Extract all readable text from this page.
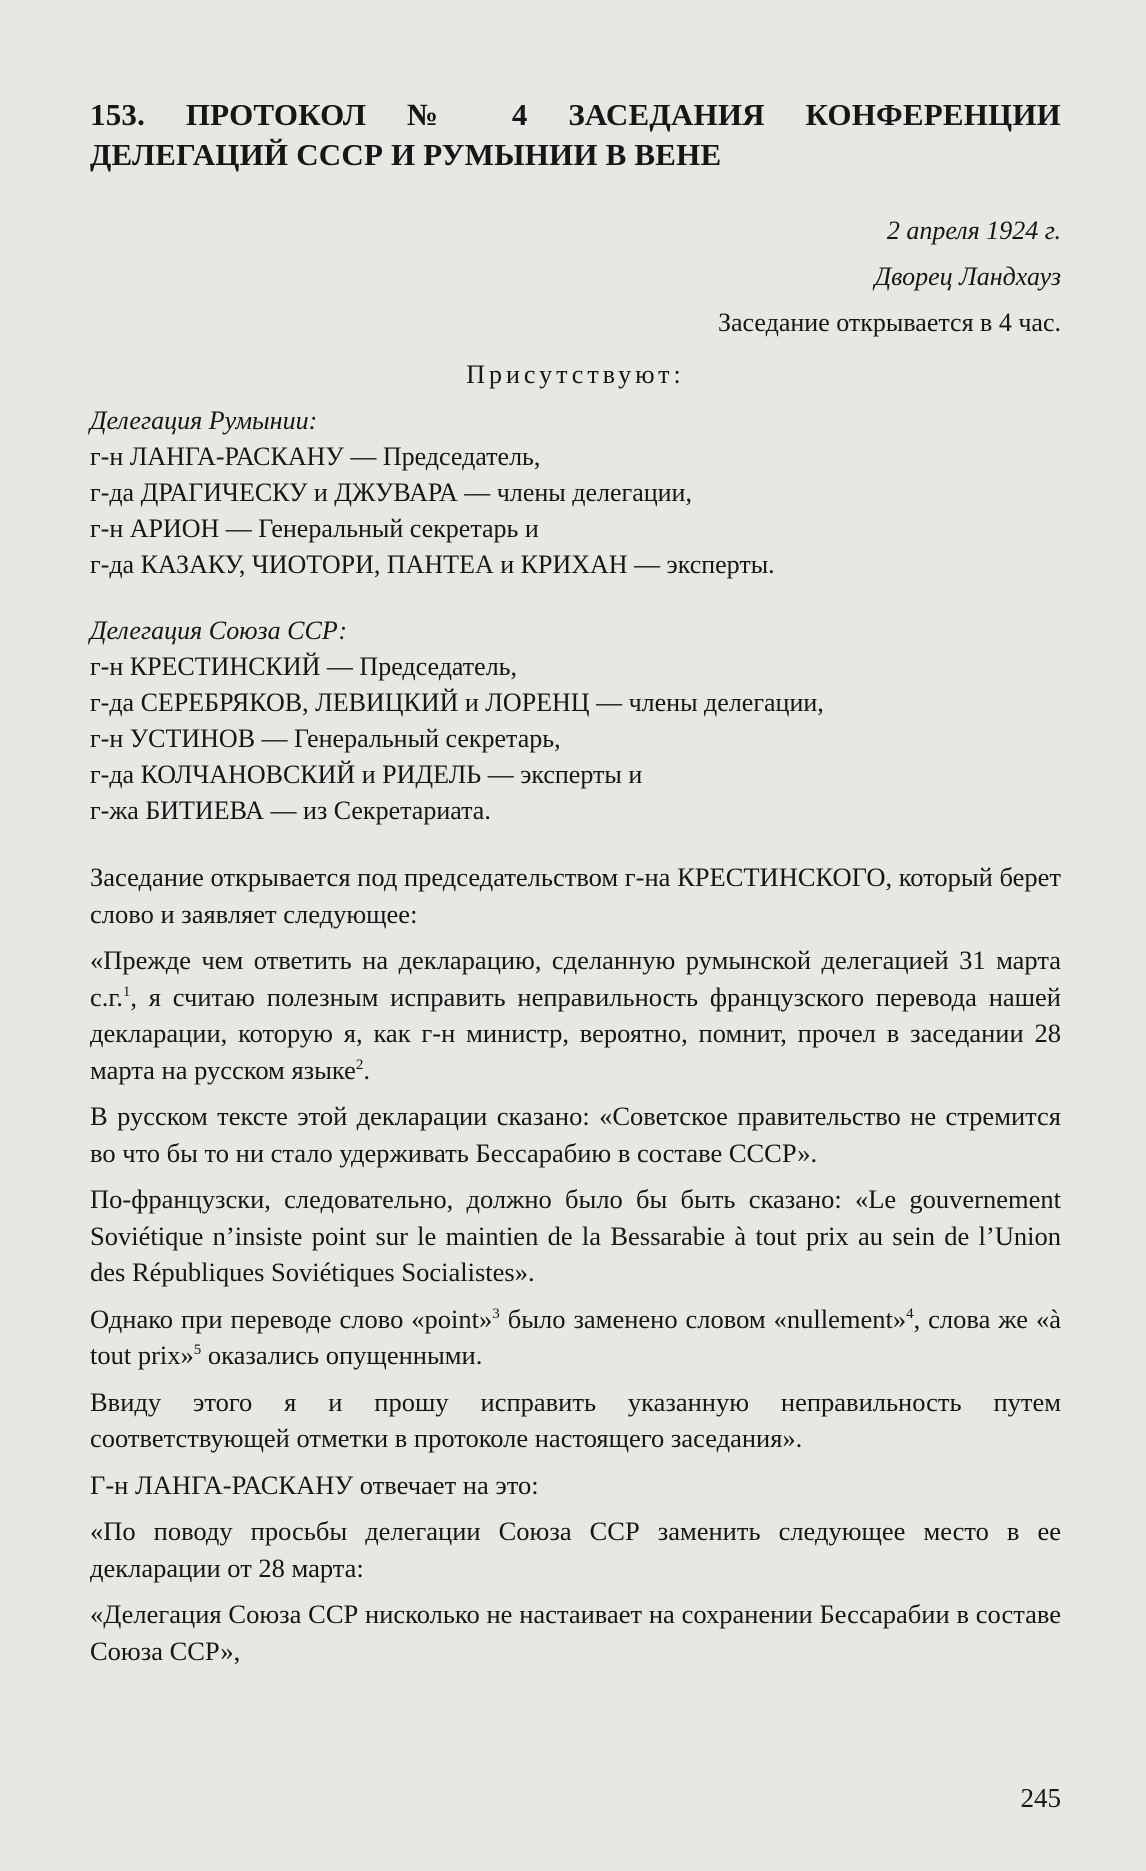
153. ПРОТОКОЛ № 4 ЗАСЕДАНИЯ КОНФЕРЕНЦИИ ДЕЛЕГАЦИЙ СССР И РУМЫНИИ В ВЕНЕ
2 апреля 1924 г.
Дворец Ландхауз
Заседание открывается в 4 час.
Присутствуют:
Делегация Румынии:
г-н ЛАНГА-РАСКАНУ — Председатель,
г-да ДРАГИЧЕСКУ и ДЖУВАРА — члены делегации,
г-н АРИОН — Генеральный секретарь и
г-да КАЗАКУ, ЧИОТОРИ, ПАНТЕА и КРИХАН — эксперты.
Делегация Союза ССР:
г-н КРЕСТИНСКИЙ — Председатель,
г-да СЕРЕБРЯКОВ, ЛЕВИЦКИЙ и ЛОРЕНЦ — члены делегации,
г-н УСТИНОВ — Генеральный секретарь,
г-да КОЛЧАНОВСКИЙ и РИДЕЛЬ — эксперты и
г-жа БИТИЕВА — из Секретариата.

Заседание открывается под председательством г-на КРЕСТИНСКОГО, который берет слово и заявляет следующее:

«Прежде чем ответить на декларацию, сделанную румынской делегацией 31 марта с.г.$^1$, я считаю полезным исправить неправильность французского перевода нашей декларации, которую я, как г-н министр, вероятно, помнит, прочел в заседании 28 марта на русском языке$^2$.

В русском тексте этой декларации сказано: «Советское правительство не стремится во что бы то ни стало удерживать Бессарабию в составе СССР».

По-французски, следовательно, должно было бы быть сказано: «Le gouvernement Soviétique n’insiste point sur le maintien de la Bessarabie à tout prix au sein de l’Union des Républiques Soviétiques Socialistes».

Однако при переводе слово «point»$^3$ было заменено словом «nullement»$^4$, слова же «à tout prix»$^5$ оказались опущенными.

Ввиду этого я и прошу исправить указанную неправильность путем соответствующей отметки в протоколе настоящего заседания».

Г-н ЛАНГА-РАСКАНУ отвечает на это:

«По поводу просьбы делегации Союза ССР заменить следующее место в ее декларации от 28 марта:

«Делегация Союза ССР нисколько не настаивает на сохранении Бессарабии в составе Союза ССР»,

245
